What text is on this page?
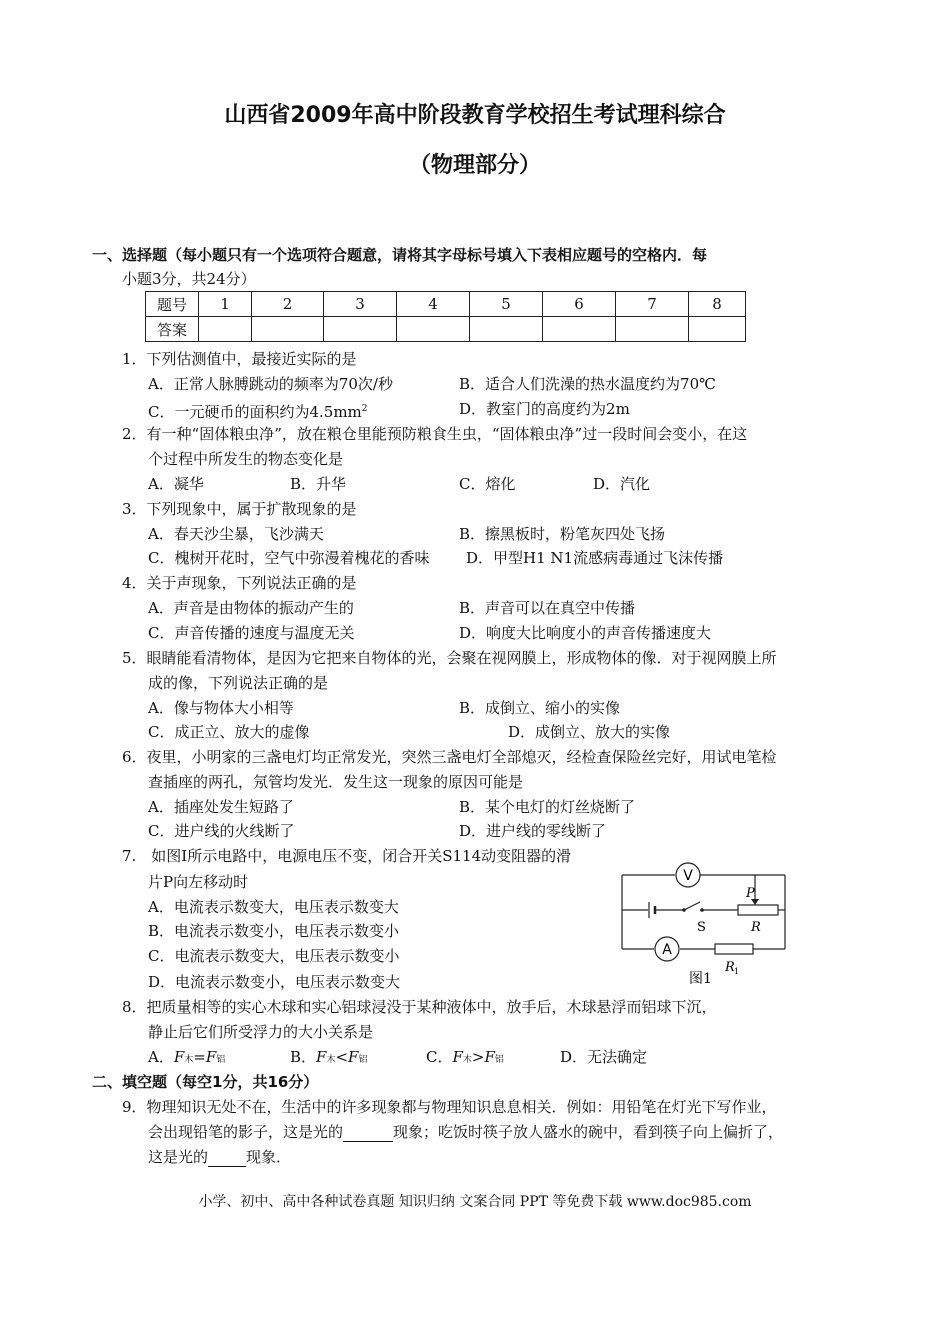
山西省2009年高中阶段教育学校招生考试理科综合
（物理部分）
一、选择题（每小题只有一个选项符合题意，请将其字母标号填入下表相应题号的空格内．每
小题3分，共24分）
题号	1	2	3	4	5	6	7	8
答案								
1．下列估测值中，最接近实际的是
A．正常人脉膊跳动的频率为70次/秒	B．适合人们洗澡的热水温度约为70℃
C．一元硬币的面积约为$4.5mm^2$	D．教室门的高度约为2m
2．有一种“固体粮虫净”，放在粮仓里能预防粮食生虫，“固体粮虫净”过一段时间会变小，在这
个过程中所发生的物态变化是
A．凝华	B．升华	C．熔化	D．汽化
3．下列现象中，属于扩散现象的是
A．春天沙尘暴，飞沙满天	B．擦黑板时，粉笔灰四处飞扬
C．槐树开花时，空气中弥漫着槐花的香味 D．甲型H1 N1流感病毒通过飞沫传播
4．关于声现象，下列说法正确的是
A．声音是由物体的振动产生的	B．声音可以在真空中传播
C．声音传播的速度与温度无关	D．响度大比响度小的声音传播速度大
5．眼睛能看清物体，是因为它把来自物体的光，会聚在视网膜上，形成物体的像．对于视网膜上所
成的像，下列说法正确的是
A．像与物体大小相等	B．成倒立、缩小的实像
C．成正立、放大的虚像	D．成倒立、放大的实像
6．夜里，小明家的三盏电灯均正常发光，突然三盏电灯全部熄灭，经检查保险丝完好，用试电笔检
查插座的两孔，氖管均发光．发生这一现象的原因可能是
A．插座处发生短路了	B．某个电灯的灯丝烧断了
C．进户线的火线断了	D．进户线的零线断了
7.　如图I所示电路中，电源电压不变，闭合开关S114动变阻器的滑
片P向左移动时
A．电流表示数变大，电压表示数变大
B．电流表示数变小，电压表示数变小
C．电流表示数变大，电压表示数变小
D．电流表示数变小，电压表示数变大
V
A
P
S	R
R 1
图1
8．把质量相等的实心木球和实心铝球浸没于某种液体中，放手后，木球悬浮而铝球下沉，
静止后它们所受浮力的大小关系是
A．F木=F铝	B．F木<F铝	C．F木>F铝	D．无法确定
二、填空题（每空1分，共16分）
9．物理知识无处不在，生活中的许多现象都与物理知识息息相关．例如：用铅笔在灯光下写作业，
会出现铅笔的影子，这是光的	现象；吃饭时筷子放人盛水的碗中，看到筷子向上偏折了，
这是光的	现象．
小学、初中、高中各种试卷真题 知识归纳 文案合同 PPT 等免费下载 www.doc985.com
